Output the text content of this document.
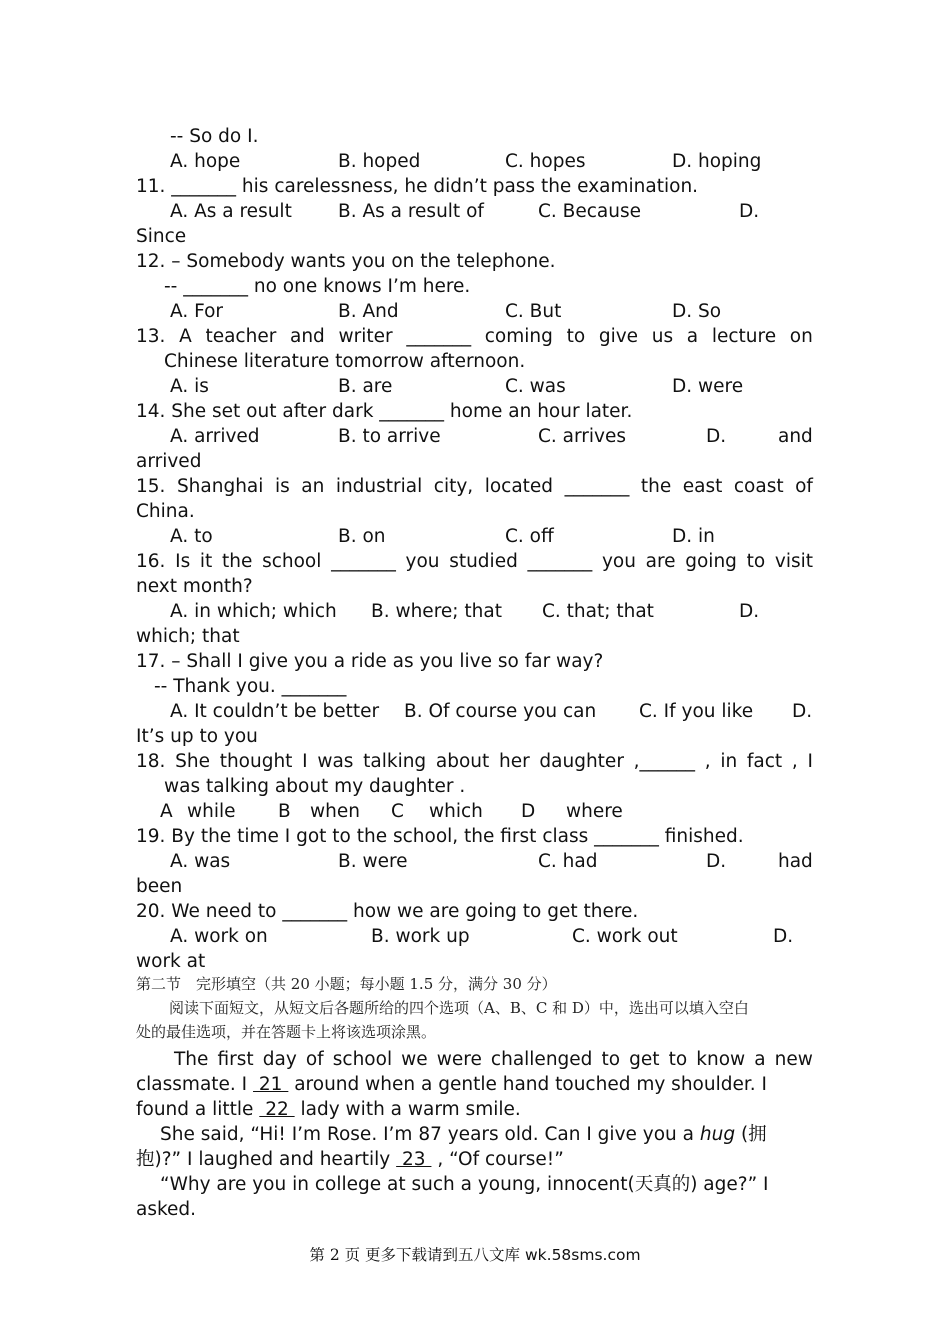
-- So do I.
A. hope	B. hoped	C. hopes	D. hoping
11. _______ his carelessness, he didn’t pass the examination.
A. As a result B. As a result of	C. Because	D.
Since
12. – Somebody wants you on the telephone.
-- _______ no one knows I’m here.
A. For	B. And	C. But	D. So
13. A teacher and writer _______ coming to give us a lecture on
Chinese literature tomorrow afternoon.
A. is	B. are	C. was	D. were
14. She set out after dark _______ home an hour later.
A. arrived	B. to arrive	C. arrives	D.	and
arrived
15. Shanghai is an industrial city, located _______ the east coast of
China.
A. to	B. on	C. off	D. in
16. Is it the school _______ you studied _______ you are going to visit
next month?
A. in which; which B. where; that C. that; that	D.
which; that
17. – Shall I give you a ride as you live so far way?
-- Thank you. _______
A. It couldn’t be better B. Of course you can C. If you like D.
It’s up to you
18. She thought I was talking about her daughter ,______ , in fact , I
was talking about my daughter .
A while B when C which D where
19. By the time I got to the school, the first class _______ finished.
A. was	B. were	C. had	D.	had
been
20. We need to _______ how we are going to get there.
A. work on	B. work up	C. work out	D.
work at
第二节　完形填空（共 20 小题；每小题 1.5 分，满分 30 分）
　阅读下面短文，从短文后各题所给的四个选项（A、B、C 和 D）中，选出可以填入空白
处的最佳选项，并在答题卡上将该选项涂黑。
The first day of school we were challenged to get to know a new
classmate. I  21  around when a gentle hand touched my shoulder. I
found a little  22  lady with a warm smile.
She said, “Hi! I’m Rose. I’m 87 years old. Can I give you a hug (拥
抱)?” I laughed and heartily  23  , “Of course!”
“Why are you in college at such a young, innocent(天真的) age?” I
asked.
第 2 页 更多下载请到五八文库 wk.58sms.com
